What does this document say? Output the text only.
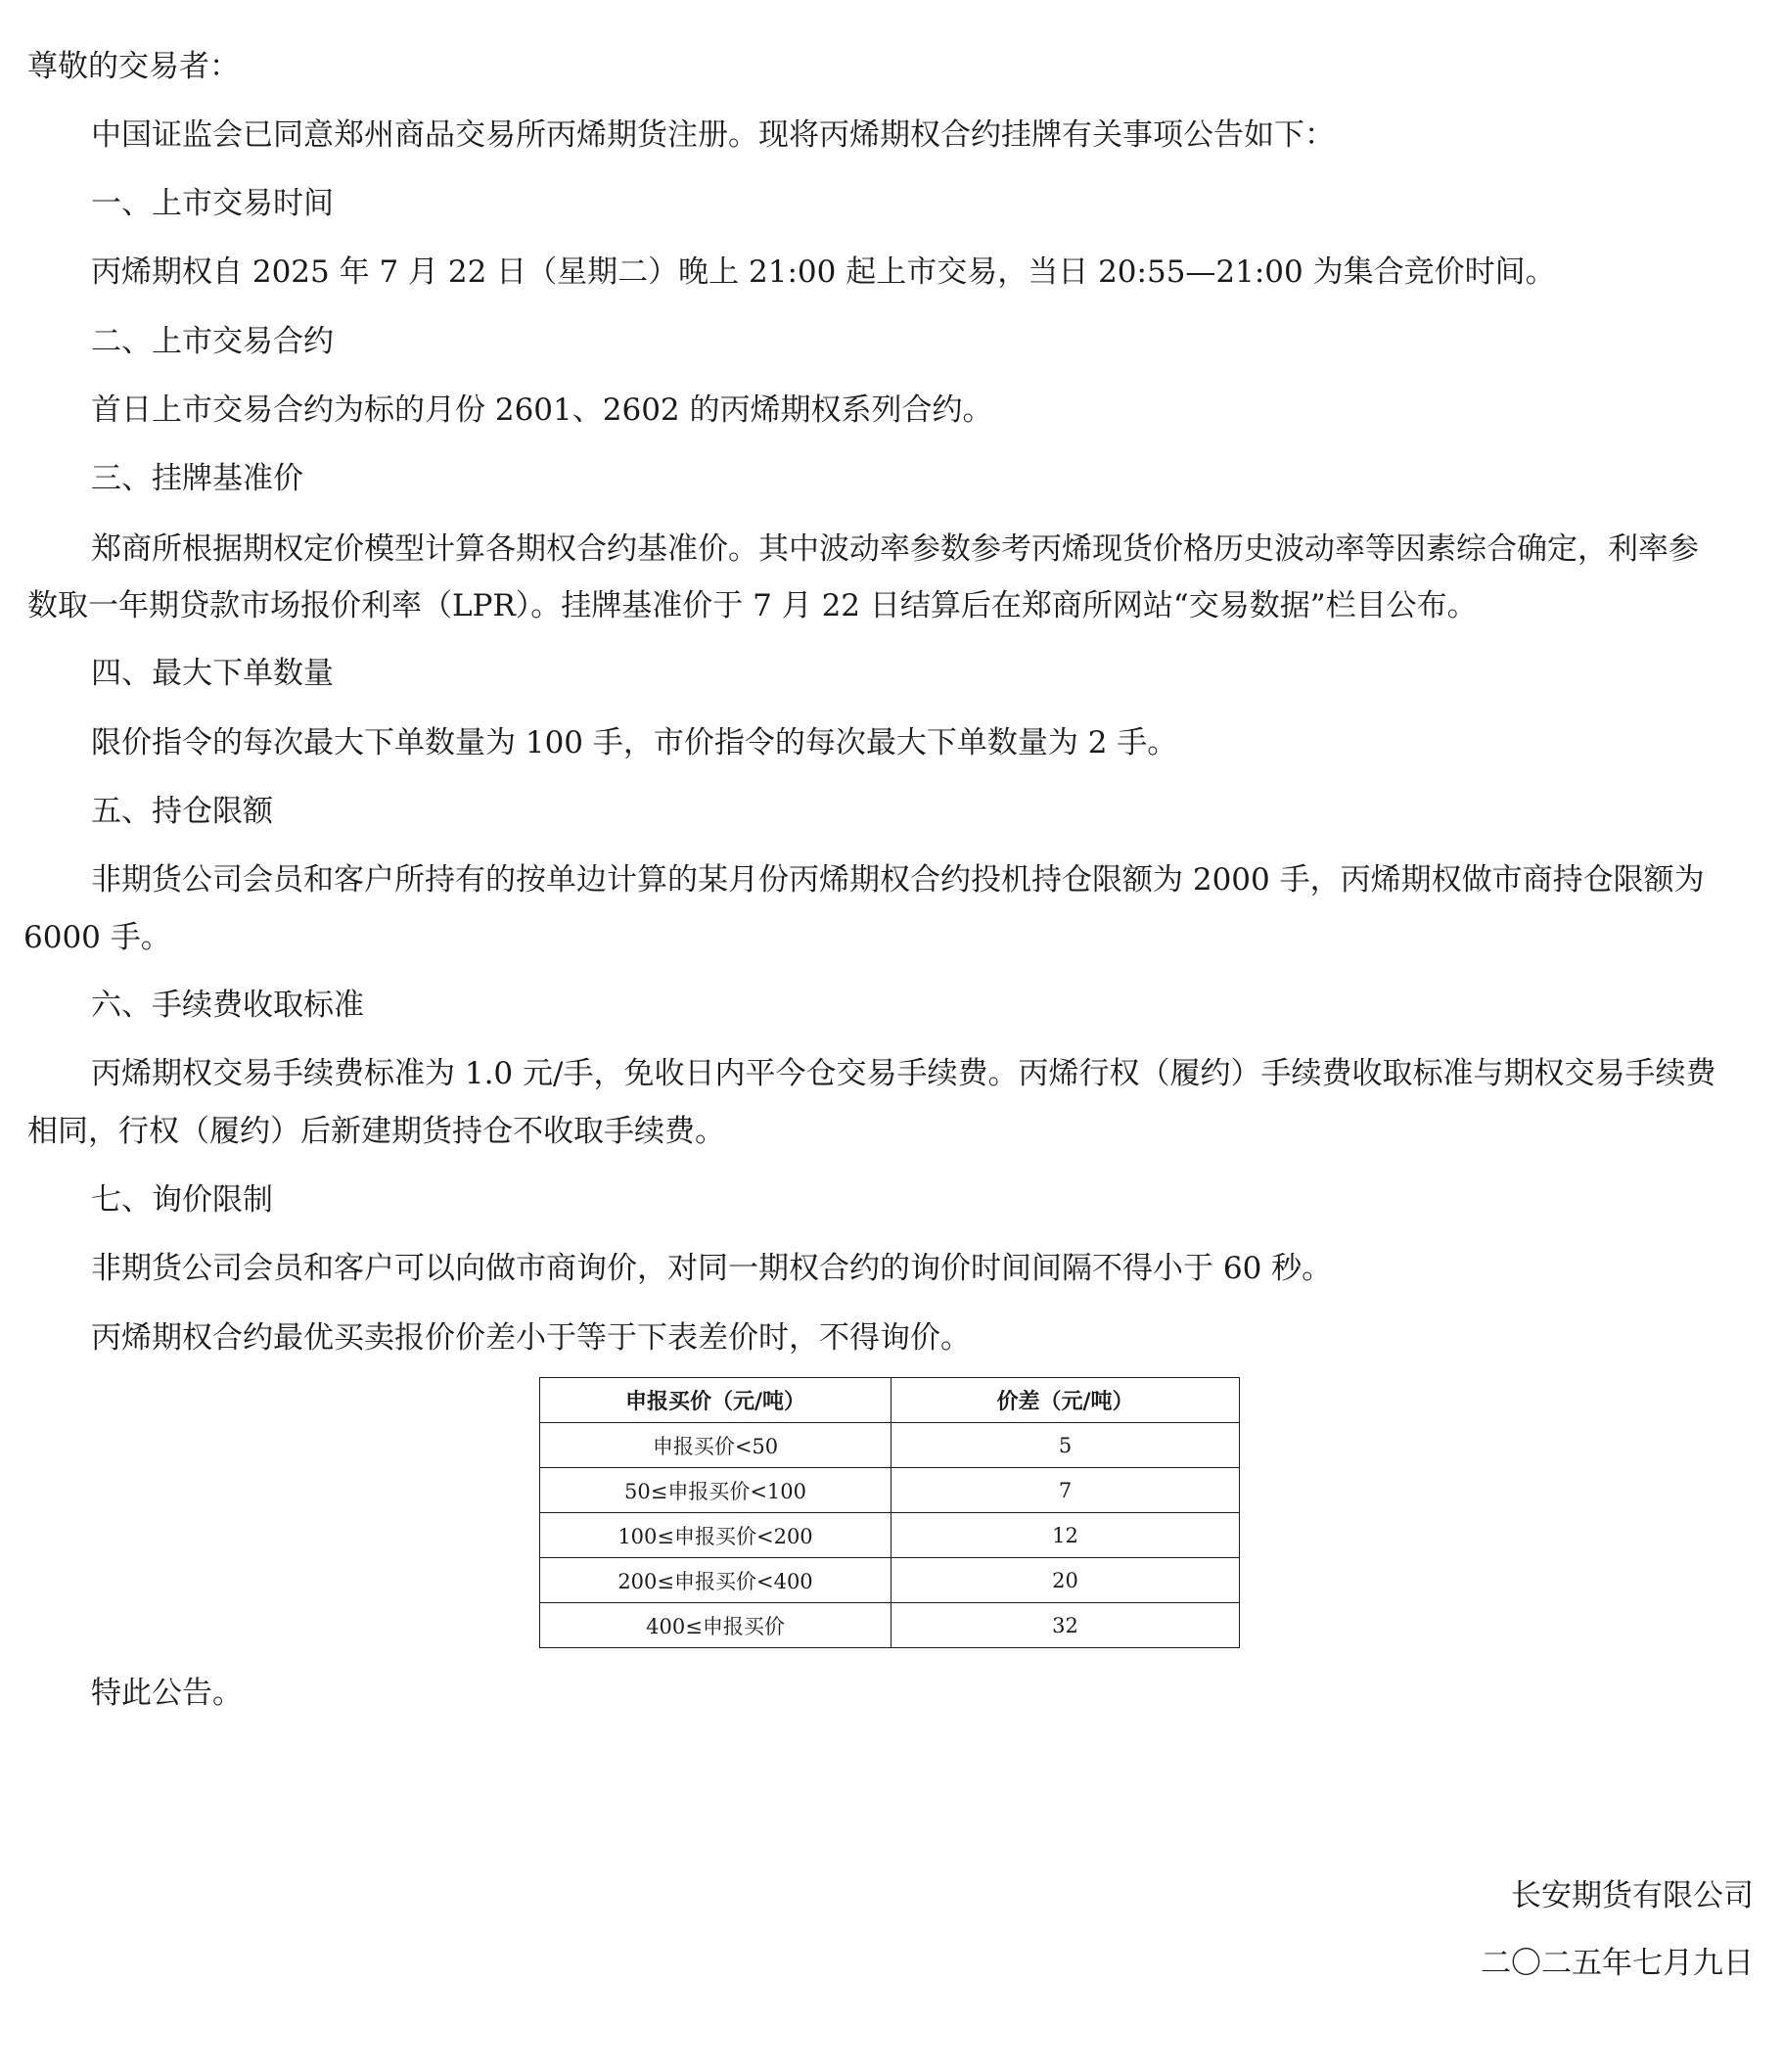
尊敬的交易者：

中国证监会已同意郑州商品交易所丙烯期货注册。现将丙烯期权合约挂牌有关事项公告如下：

一、上市交易时间

丙烯期权自 2025 年 7 月 22 日（星期二）晚上 21:00 起上市交易，当日 20:55—21:00 为集合竞价时间。

二、上市交易合约

首日上市交易合约为标的月份 2601、2602 的丙烯期权系列合约。

三、挂牌基准价

郑商所根据期权定价模型计算各期权合约基准价。其中波动率参数参考丙烯现货价格历史波动率等因素综合确定，利率参

数取一年期贷款市场报价利率（LPR）。挂牌基准价于 7 月 22 日结算后在郑商所网站“交易数据”栏目公布。

四、最大下单数量

限价指令的每次最大下单数量为 100 手，市价指令的每次最大下单数量为 2 手。

五、持仓限额

非期货公司会员和客户所持有的按单边计算的某月份丙烯期权合约投机持仓限额为 2000 手，丙烯期权做市商持仓限额为

6000 手。

六、手续费收取标准

丙烯期权交易手续费标准为 1.0 元/手，免收日内平今仓交易手续费。丙烯行权（履约）手续费收取标准与期权交易手续费

相同，行权（履约）后新建期货持仓不收取手续费。

七、询价限制

非期货公司会员和客户可以向做市商询价，对同一期权合约的询价时间间隔不得小于 60 秒。

丙烯期权合约最优买卖报价价差小于等于下表差价时，不得询价。

申报买价（元/吨）	价差（元/吨）
申报买价<50	5
50≤申报买价<100	7
100≤申报买价<200	12
200≤申报买价<400	20
400≤申报买价	32

特此公告。

长安期货有限公司

二〇二五年七月九日
